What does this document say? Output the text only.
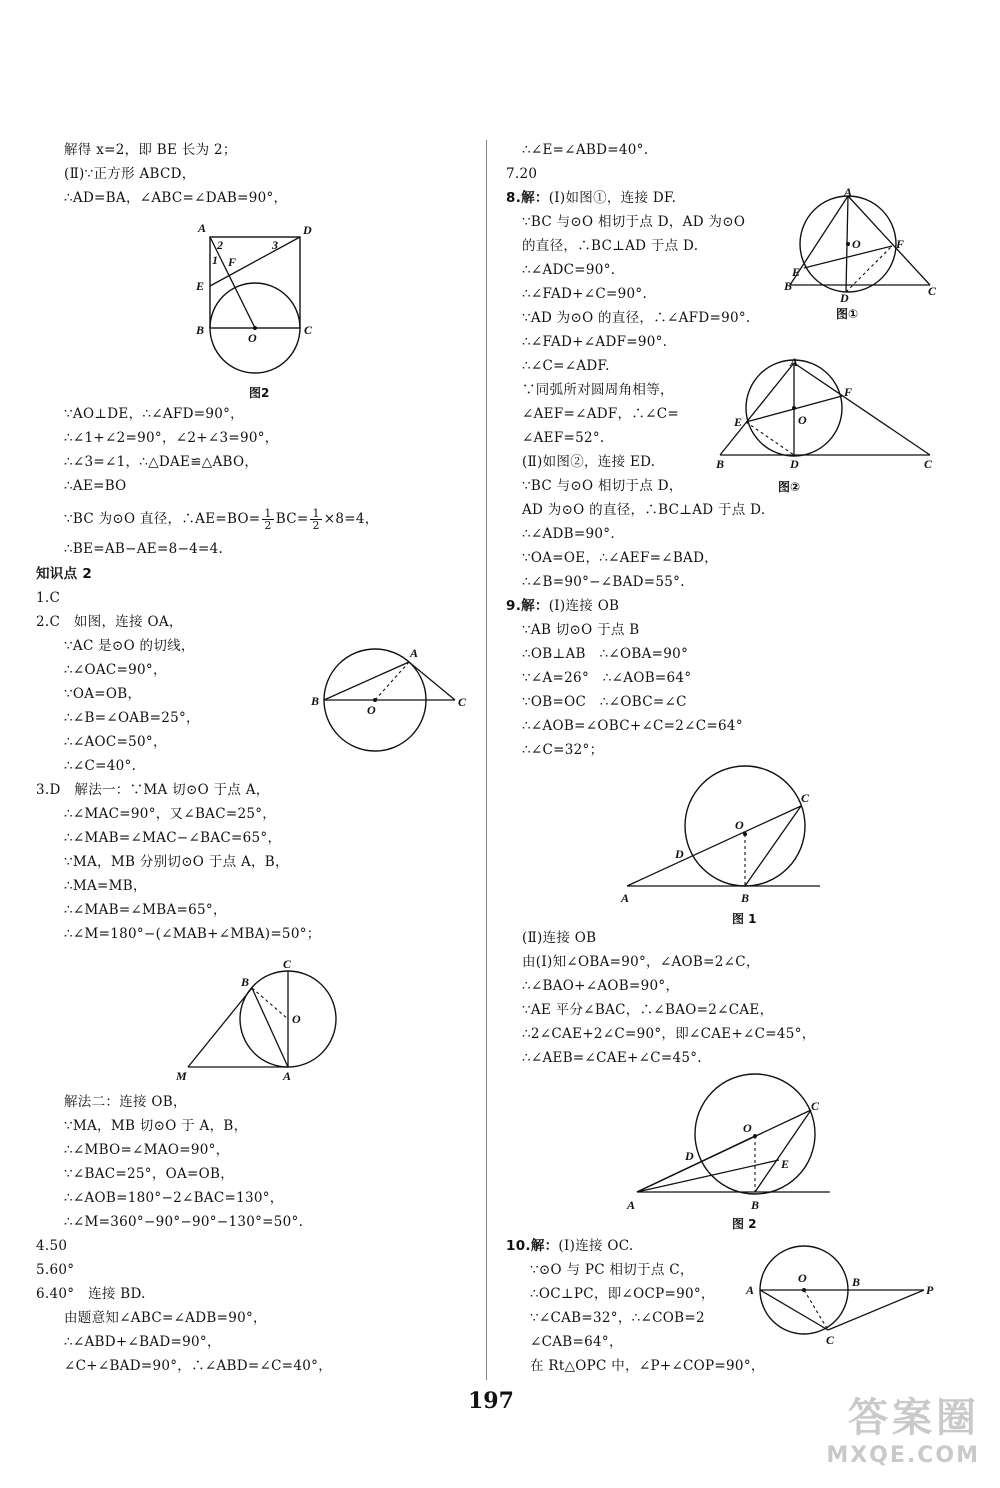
解得 x=2，即 BE 长为 2；
(Ⅱ)∵正方形 ABCD，
∴AD=BA，∠ABC=∠DAB=90°，
A	D
2	3
1 F
E
B
O
C
图2
∵AO⊥DE，∴∠AFD=90°，
∴∠1+∠2=90°，∠2+∠3=90°，
∴∠3=∠1，∴△DAE≌△ABO，
∴AE=BO
∵BC 为⊙O 直径，∴AE=BO= $\frac{1}{2} BC= \frac{1}{2} \times 8=4$，
∴BE=AB−AE=8−4=4.
知识点 2
1.C
2.C　如图，连接 OA，
∵AC 是⊙O 的切线，
∴∠OAC=90°，
∵OA=OB，
∴∠B=∠OAB=25°，
∴∠AOC=50°，
∴∠C=40°.
A
B
O
C
3.D　解法一：∵MA 切⊙O 于点 A，
∴∠MAC=90°，又∠BAC=25°，
∴∠MAB=∠MAC−∠BAC=65°，
∵MA，MB 分别切⊙O 于点 A，B，
∴MA=MB，
∴∠MAB=∠MBA=65°，
∴∠M=180°−(∠MAB+∠MBA)=50°；
C
B
O
M	A
解法二：连接 OB，
∵MA，MB 切⊙O 于 A，B，
∴∠MBO=∠MAO=90°，
∵∠BAC=25°，OA=OB，
∴∠AOB=180°−2∠BAC=130°，
∴∠M=360°−90°−90°−130°=50°.
4.50
5.60°
6.40°　连接 BD.
由题意知∠ABC=∠ADB=90°，
∴∠ABD+∠BAD=90°，
∠C+∠BAD=90°，∴∠ABD=∠C=40°，
∴∠E=∠ABD=40°.
7.20
8.解：(Ⅰ)如图①，连接 DF.
∵BC 与⊙O 相切于点 D，AD 为⊙O
的直径，∴BC⊥AD 于点 D.
∴∠ADC=90°.
∴∠FAD+∠C=90°.
∵AD 为⊙O 的直径，∴∠AFD=90°.
∴∠FAD+∠ADF=90°.
∴∠C=∠ADF.
∵同弧所对圆周角相等，
∠AEF=∠ADF，∴∠C=
∠AEF=52°.
(Ⅱ)如图②，连接 ED.
∵BC 与⊙O 相切于点 D，
AD 为⊙O 的直径，∴BC⊥AD 于点 D.
∴∠ADB=90°.
∵OA=OE，∴∠AEF=∠BAD，
∴∠B=90°−∠BAD=55°.
A
O	F
E
B
D	C
图①
A
F
E	O
B	D	C
图②
9.解：(Ⅰ)连接 OB
∵AB 切⊙O 于点 B
∴OB⊥AB　∴∠OBA=90°
∵∠A=26°　∴∠AOB=64°
∵OB=OC　∴∠OBC=∠C
∴∠AOB=∠OBC+∠C=2∠C=64°
∴∠C=32°；
C
O
D
A	B
图 1
(Ⅱ)连接 OB
由(Ⅰ)知∠OBA=90°，∠AOB=2∠C，
∴∠BAO+∠AOB=90°，
∵AE 平分∠BAC，∴∠BAO=2∠CAE，
∴2∠CAE+2∠C=90°，即∠CAE+∠C=45°，
∴∠AEB=∠CAE+∠C=45°.
C
O
D
E
A	B
图 2
10.解：(Ⅰ)连接 OC.
∵⊙O 与 PC 相切于点 C，
∴OC⊥PC，即∠OCP=90°，
∵∠CAB=32°，∴∠COB=2
∠CAB=64°，
在 Rt△OPC 中，∠P+∠COP=90°，
A
O	B
P
C
197	答案圈
MXQE.COM
